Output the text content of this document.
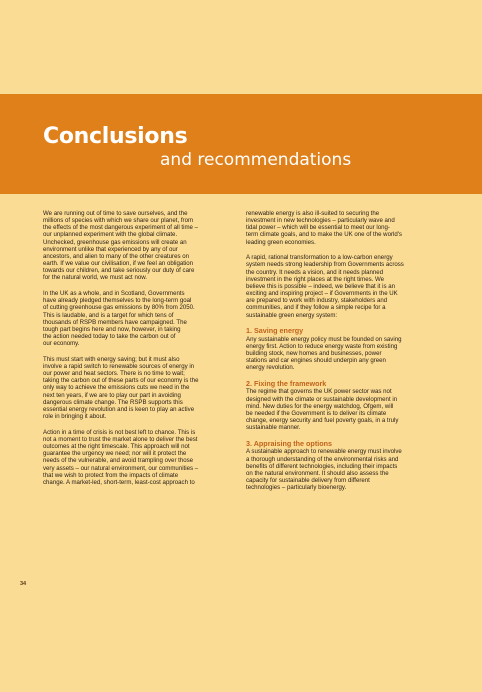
Conclusions
and recommendations

We are running out of time to save ourselves, and the
millions of species with which we share our planet, from
the effects of the most dangerous experiment of all time –
our unplanned experiment with the global climate.
Unchecked, greenhouse gas emissions will create an
environment unlike that experienced by any of our
ancestors, and alien to many of the other creatures on
earth. If we value our civilisation, if we feel an obligation
towards our children, and take seriously our duty of care
for the natural world, we must act now.

In the UK as a whole, and in Scotland, Governments
have already pledged themselves to the long-term goal
of cutting greenhouse gas emissions by 80% from 2050.
This is laudable, and is a target for which tens of
thousands of RSPB members have campaigned. The
tough part begins here and now, however, in taking
the action needed today to take the carbon out of
our economy.

This must start with energy saving; but it must also
involve a rapid switch to renewable sources of energy in
our power and heat sectors. There is no time to wait;
taking the carbon out of these parts of our economy is the
only way to achieve the emissions cuts we need in the
next ten years, if we are to play our part in avoiding
dangerous climate change. The RSPB supports this
essential energy revolution and is keen to play an active
role in bringing it about.

Action in a time of crisis is not best left to chance. This is
not a moment to trust the market alone to deliver the best
outcomes at the right timescale. This approach will not
guarantee the urgency we need; nor will it protect the
needs of the vulnerable, and avoid trampling over those
very assets – our natural environment, our communities –
that we wish to protect from the impacts of climate
change. A market-led, short-term, least-cost approach to

renewable energy is also ill-suited to securing the
investment in new technologies – particularly wave and
tidal power – which will be essential to meet our long-
term climate goals, and to make the UK one of the world's
leading green economies.

A rapid, rational transformation to a low-carbon energy
system needs strong leadership from Governments across
the country. It needs a vision, and it needs planned
investment in the right places at the right times. We
believe this is possible – indeed, we believe that it is an
exciting and inspiring project – if Governments in the UK
are prepared to work with industry, stakeholders and
communities, and if they follow a simple recipe for a
sustainable green energy system:

1. Saving energy

Any sustainable energy policy must be founded on saving
energy first. Action to reduce energy waste from existing
building stock, new homes and businesses, power
stations and car engines should underpin any green
energy revolution.

2. Fixing the framework

The regime that governs the UK power sector was not
designed with the climate or sustainable development in
mind. New duties for the energy watchdog, Ofgem, will
be needed if the Government is to deliver its climate
change, energy security and fuel poverty goals, in a truly
sustainable manner.

3. Appraising the options

A sustainable approach to renewable energy must involve
a thorough understanding of the environmental risks and
benefits of different technologies, including their impacts
on the natural environment. It should also assess the
capacity for sustainable delivery from different
technologies – particularly bioenergy.

34
